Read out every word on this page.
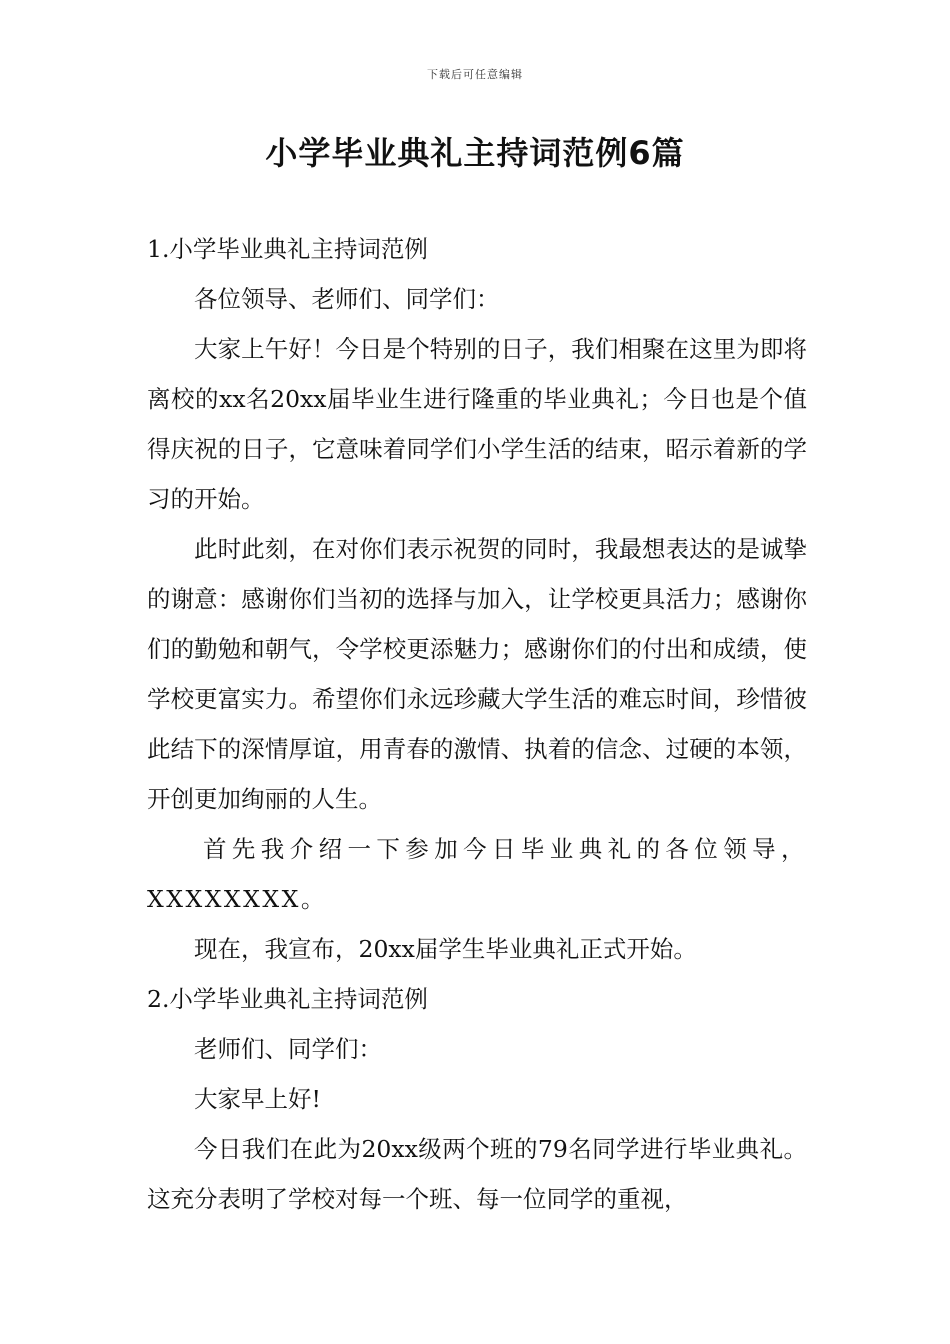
下载后可任意编辑
小学毕业典礼主持词范例6篇

1.小学毕业典礼主持词范例

各位领导、老师们、同学们：

大家上午好！今日是个特别的日子，我们相聚在这里为即将离校的xx名20xx届毕业生进行隆重的毕业典礼；今日也是个值得庆祝的日子，它意味着同学们小学生活的结束，昭示着新的学习的开始。

此时此刻，在对你们表示祝贺的同时，我最想表达的是诚挚的谢意：感谢你们当初的选择与加入，让学校更具活力；感谢你们的勤勉和朝气，令学校更添魅力；感谢你们的付出和成绩，使学校更富实力。希望你们永远珍藏大学生活的难忘时间，珍惜彼此结下的深情厚谊，用青春的激情、执着的信念、过硬的本领，开创更加绚丽的人生。

首先我介绍一下参加今日毕业典礼的各位领导，XXXXXXXX。

现在，我宣布，20xx届学生毕业典礼正式开始。

2.小学毕业典礼主持词范例

老师们、同学们：

大家早上好!

今日我们在此为20xx级两个班的79名同学进行毕业典礼。这充分表明了学校对每一个班、每一位同学的重视，
